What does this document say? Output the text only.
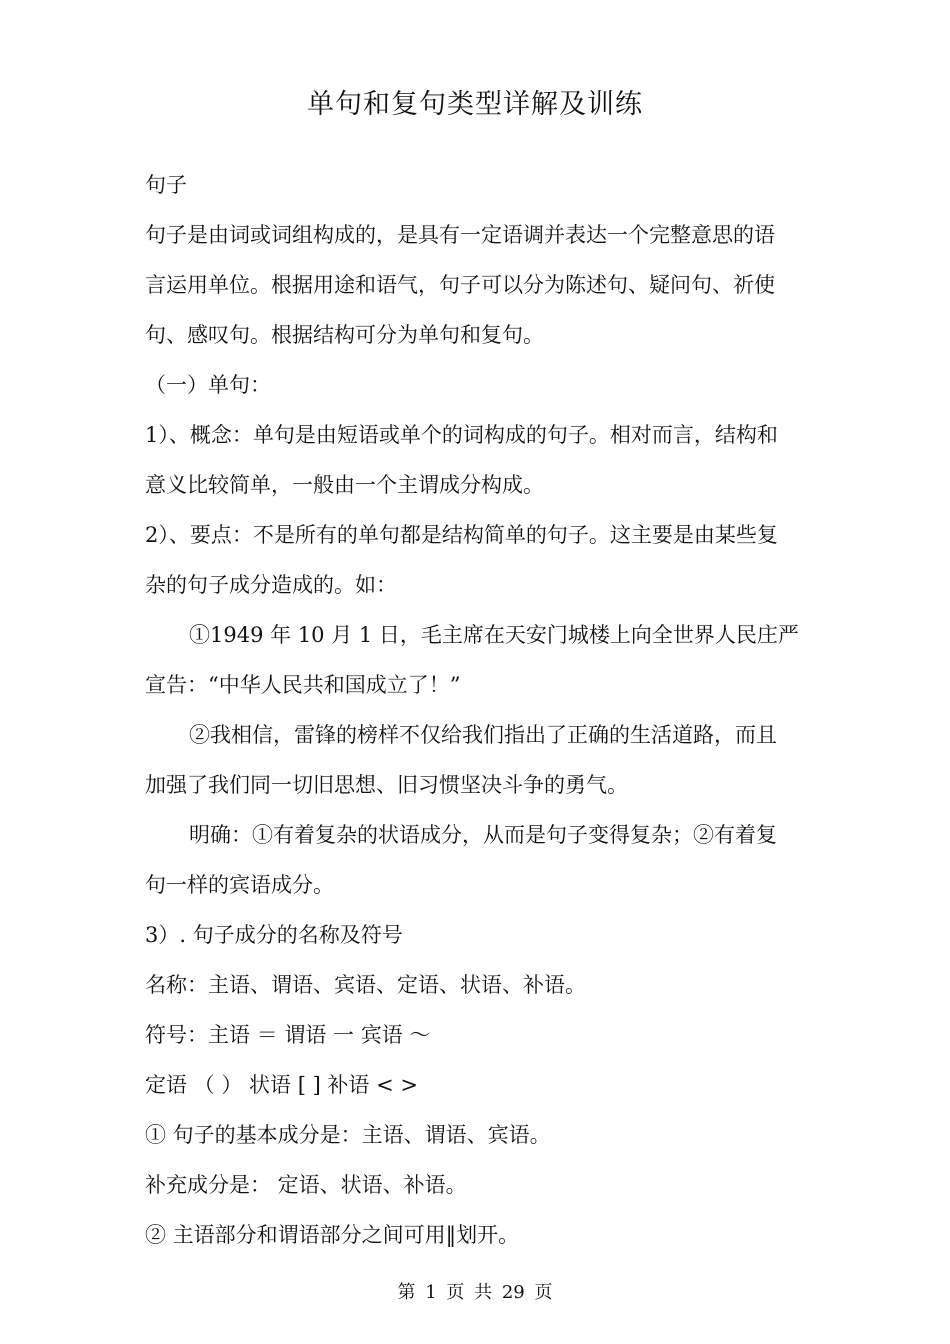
单句和复句类型详解及训练

句子

句子是由词或词组构成的，是具有一定语调并表达一个完整意思的语

言运用单位。根据用途和语气，句子可以分为陈述句、疑问句、祈使

句、感叹句。根据结构可分为单句和复句。

（一）单句：

1）、概念：单句是由短语或单个的词构成的句子。相对而言，结构和

意义比较简单，一般由一个主谓成分构成。

2）、要点：不是所有的单句都是结构简单的句子。这主要是由某些复

杂的句子成分造成的。如：

①1949 年 10 月 1 日，毛主席在天安门城楼上向全世界人民庄严

宣告：“中华人民共和国成立了！”

②我相信，雷锋的榜样不仅给我们指出了正确的生活道路，而且

加强了我们同一切旧思想、旧习惯坚决斗争的勇气。

明确：①有着复杂的状语成分，从而是句子变得复杂；②有着复

句一样的宾语成分。

3）. 句子成分的名称及符号

名称：主语、谓语、宾语、定语、状语、补语。

符号：主语 ＝ 谓语 一 宾语 ～

定语 （ ） 状语 [ ] 补语 < >

① 句子的基本成分是：主语、谓语、宾语。

补充成分是： 定语、状语、补语。

② 主语部分和谓语部分之间可用‖划开。

第 1 页 共 29 页
